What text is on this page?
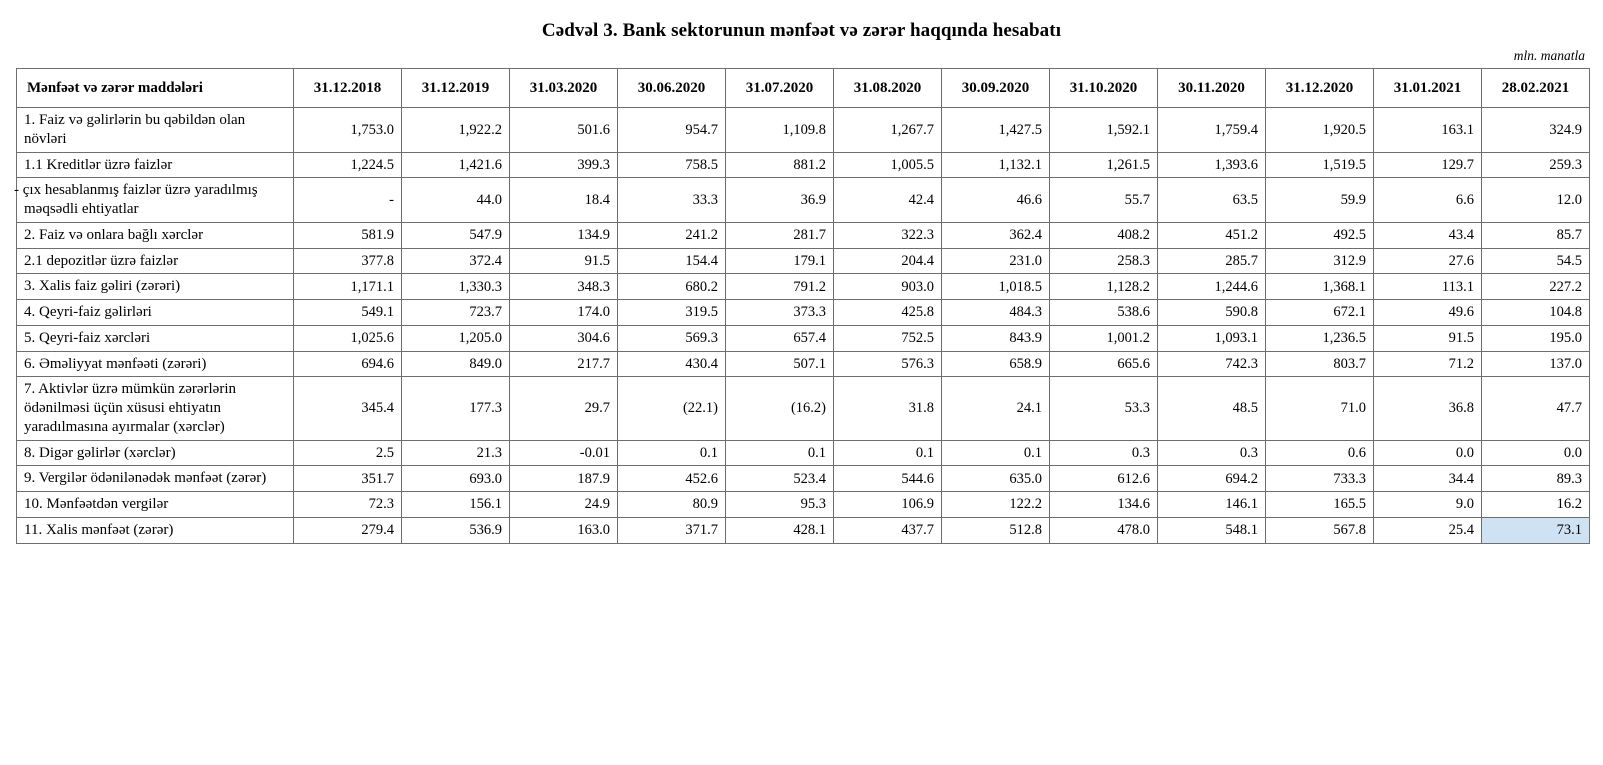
Cədvəl 3. Bank sektorunun mənfəət və zərər haqqında hesabatı
mln. manatla
Mənfəət və zərər maddələri	31.12.2018	31.12.2019	31.03.2020	30.06.2020	31.07.2020	31.08.2020	30.09.2020	31.10.2020	30.11.2020	31.12.2020	31.01.2021	28.02.2021
1. Faiz və gəlirlərin bu qəbildən olan növləri	1,753.0	1,922.2	501.6	954.7	1,109.8	1,267.7	1,427.5	1,592.1	1,759.4	1,920.5	163.1	324.9
1.1 Kreditlər üzrə faizlər	1,224.5	1,421.6	399.3	758.5	881.2	1,005.5	1,132.1	1,261.5	1,393.6	1,519.5	129.7	259.3
- çıx hesablanmış faizlər üzrə yaradılmış məqsədli ehtiyatlar	-	44.0	18.4	33.3	36.9	42.4	46.6	55.7	63.5	59.9	6.6	12.0
2. Faiz və onlara bağlı xərclər	581.9	547.9	134.9	241.2	281.7	322.3	362.4	408.2	451.2	492.5	43.4	85.7
2.1 depozitlər üzrə faizlər	377.8	372.4	91.5	154.4	179.1	204.4	231.0	258.3	285.7	312.9	27.6	54.5
3. Xalis faiz gəliri (zərəri)	1,171.1	1,330.3	348.3	680.2	791.2	903.0	1,018.5	1,128.2	1,244.6	1,368.1	113.1	227.2
4. Qeyri-faiz gəlirləri	549.1	723.7	174.0	319.5	373.3	425.8	484.3	538.6	590.8	672.1	49.6	104.8
5. Qeyri-faiz xərcləri	1,025.6	1,205.0	304.6	569.3	657.4	752.5	843.9	1,001.2	1,093.1	1,236.5	91.5	195.0
6. Əməliyyat mənfəəti (zərəri)	694.6	849.0	217.7	430.4	507.1	576.3	658.9	665.6	742.3	803.7	71.2	137.0
7. Aktivlər üzrə mümkün zərərlərin ödənilməsi üçün xüsusi ehtiyatın yaradılmasına ayırmalar (xərclər)	345.4	177.3	29.7	(22.1)	(16.2)	31.8	24.1	53.3	48.5	71.0	36.8	47.7
8. Digər gəlirlər (xərclər)	2.5	21.3	-0.01	0.1	0.1	0.1	0.1	0.3	0.3	0.6	0.0	0.0
9. Vergilər ödənilənədək mənfəət (zərər)	351.7	693.0	187.9	452.6	523.4	544.6	635.0	612.6	694.2	733.3	34.4	89.3
10. Mənfəətdən vergilər	72.3	156.1	24.9	80.9	95.3	106.9	122.2	134.6	146.1	165.5	9.0	16.2
11. Xalis mənfəət (zərər)	279.4	536.9	163.0	371.7	428.1	437.7	512.8	478.0	548.1	567.8	25.4	73.1
